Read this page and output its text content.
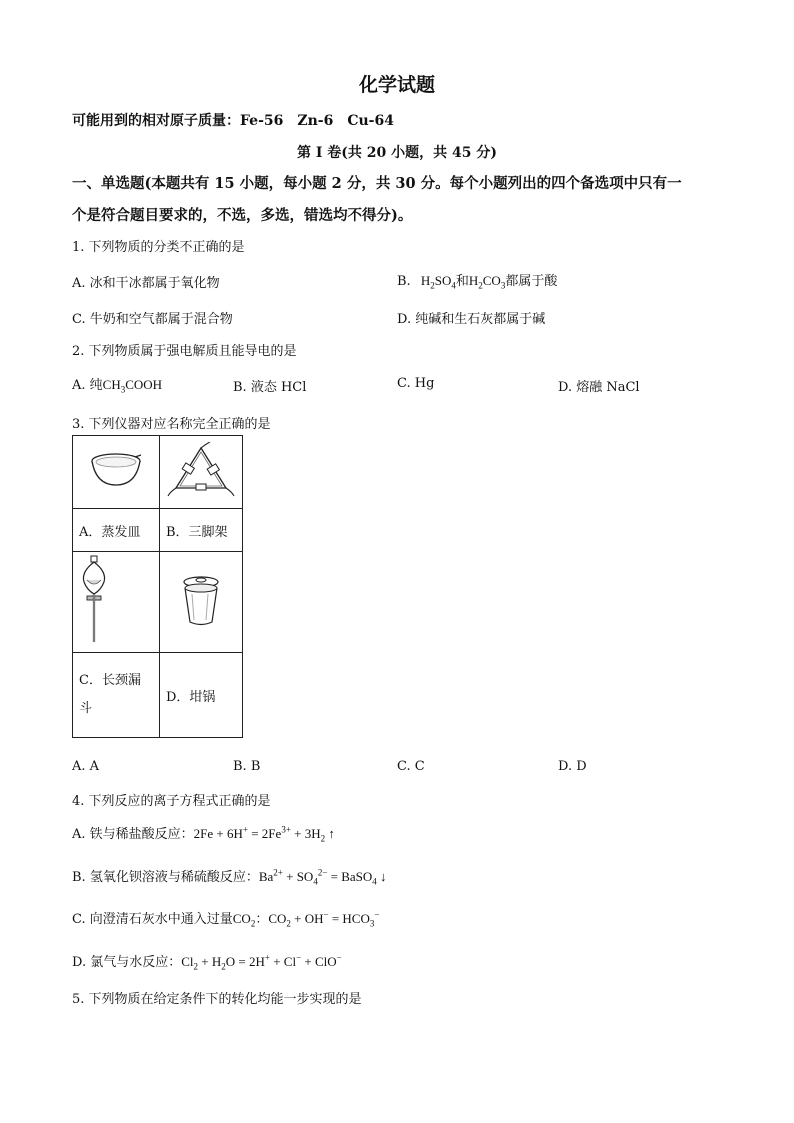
化学试题
可能用到的相对原子质量：Fe-56　Zn-6　Cu-64
第 I 卷(共 20 小题，共 45 分)
一、单选题(本题共有 15 小题，每小题 2 分，共 30 分。每个小题列出的四个备选项中只有一
个是符合题目要求的，不选，多选，错选均不得分)。
1. 下列物质的分类不正确的是
A. 冰和干冰都属于氧化物	B. $H_2SO_4$和$H_2CO_3$都属于酸
C. 牛奶和空气都属于混合物	D. 纯碱和生石灰都属于碱
2. 下列物质属于强电解质且能导电的是
A. 纯$CH_3COOH$	B. 液态 HCl	C. Hg	D. 熔融 NaCl
3. 下列仪器对应名称完全正确的是

A．蒸发皿	B．三脚架

C．长颈漏
斗	D．坩锅
A. A	B. B	C. C	D. D
4. 下列反应的离子方程式正确的是
A. 铁与稀盐酸反应：$2Fe + 6H^+ = 2Fe^{3+} + 3H_2$ ↑
B. 氢氧化钡溶液与稀硫酸反应：$Ba^{2+} + SO_4^{2-}$ = BaSO$_4$ ↓
C. 向澄清石灰水中通入过量$CO_2$：$CO_2 + OH^- = HCO_3^-$
D. 氯气与水反应：$Cl_2 + H_2O = 2H^+ + Cl^- + ClO^-$
5. 下列物质在给定条件下的转化均能一步实现的是
